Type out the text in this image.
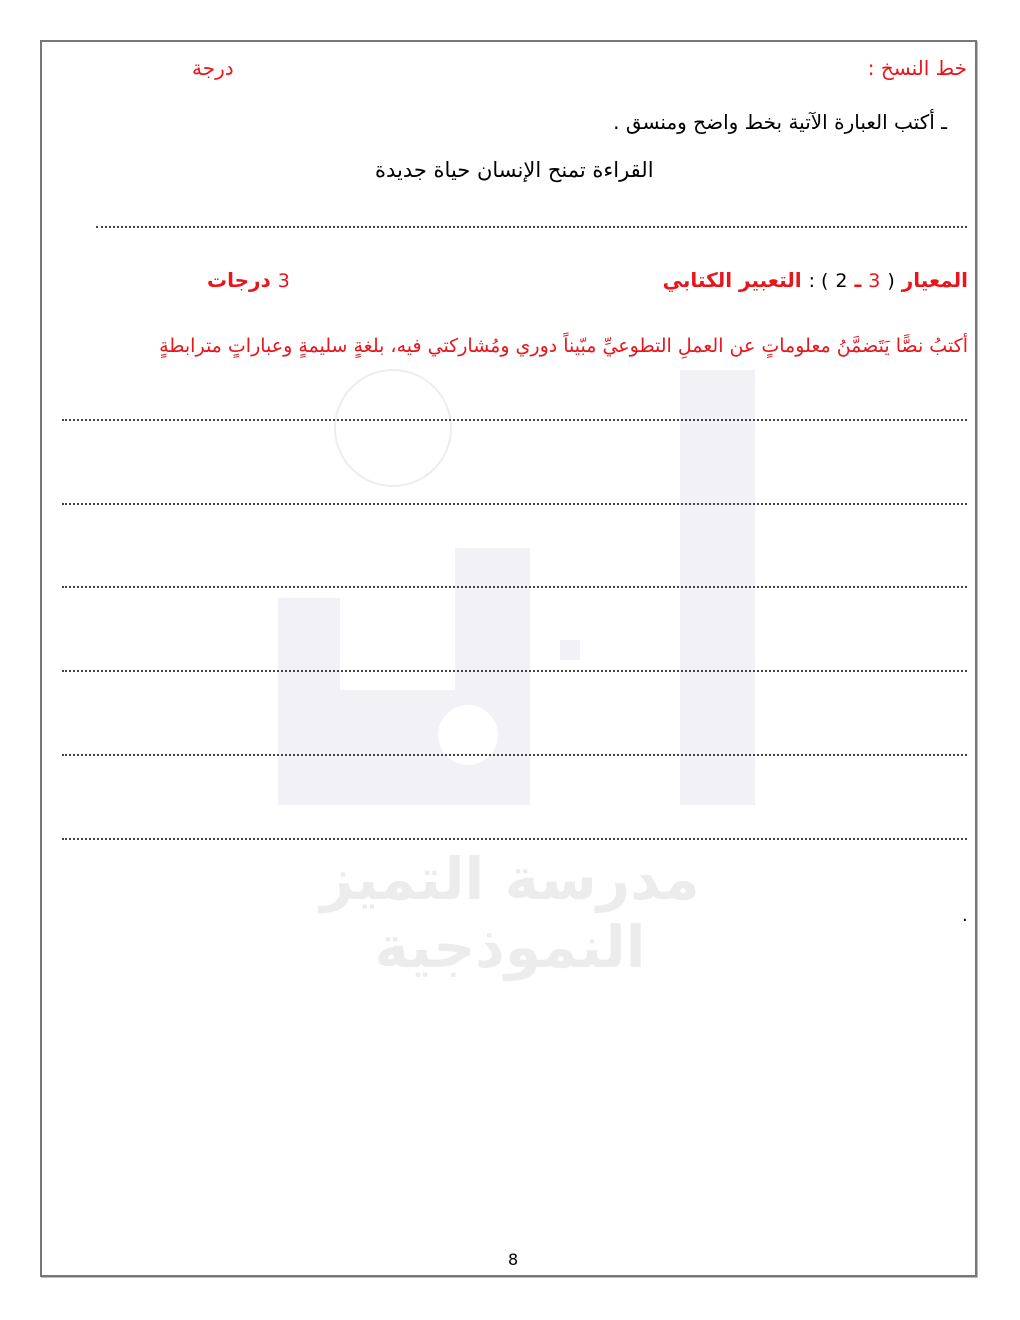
مدرسة التميز النموذجية
خط النسخ :
درجة
ـ أكتب العبارة الآتية بخط واضح ومنسق .
القراءة تمنح الإنسان حياة جديدة
المعيار ( 3 ـ 2 ) : التعبير الكتابي
3 درجات
أكتبُ نصًّا يَتَضمَّنُ معلوماتٍ عن العملِ التطوعيِّ مبّيناً دوري ومُشاركتي فيه، بلغةٍ سليمةٍ وعباراتٍ مترابطةٍ
.
8
